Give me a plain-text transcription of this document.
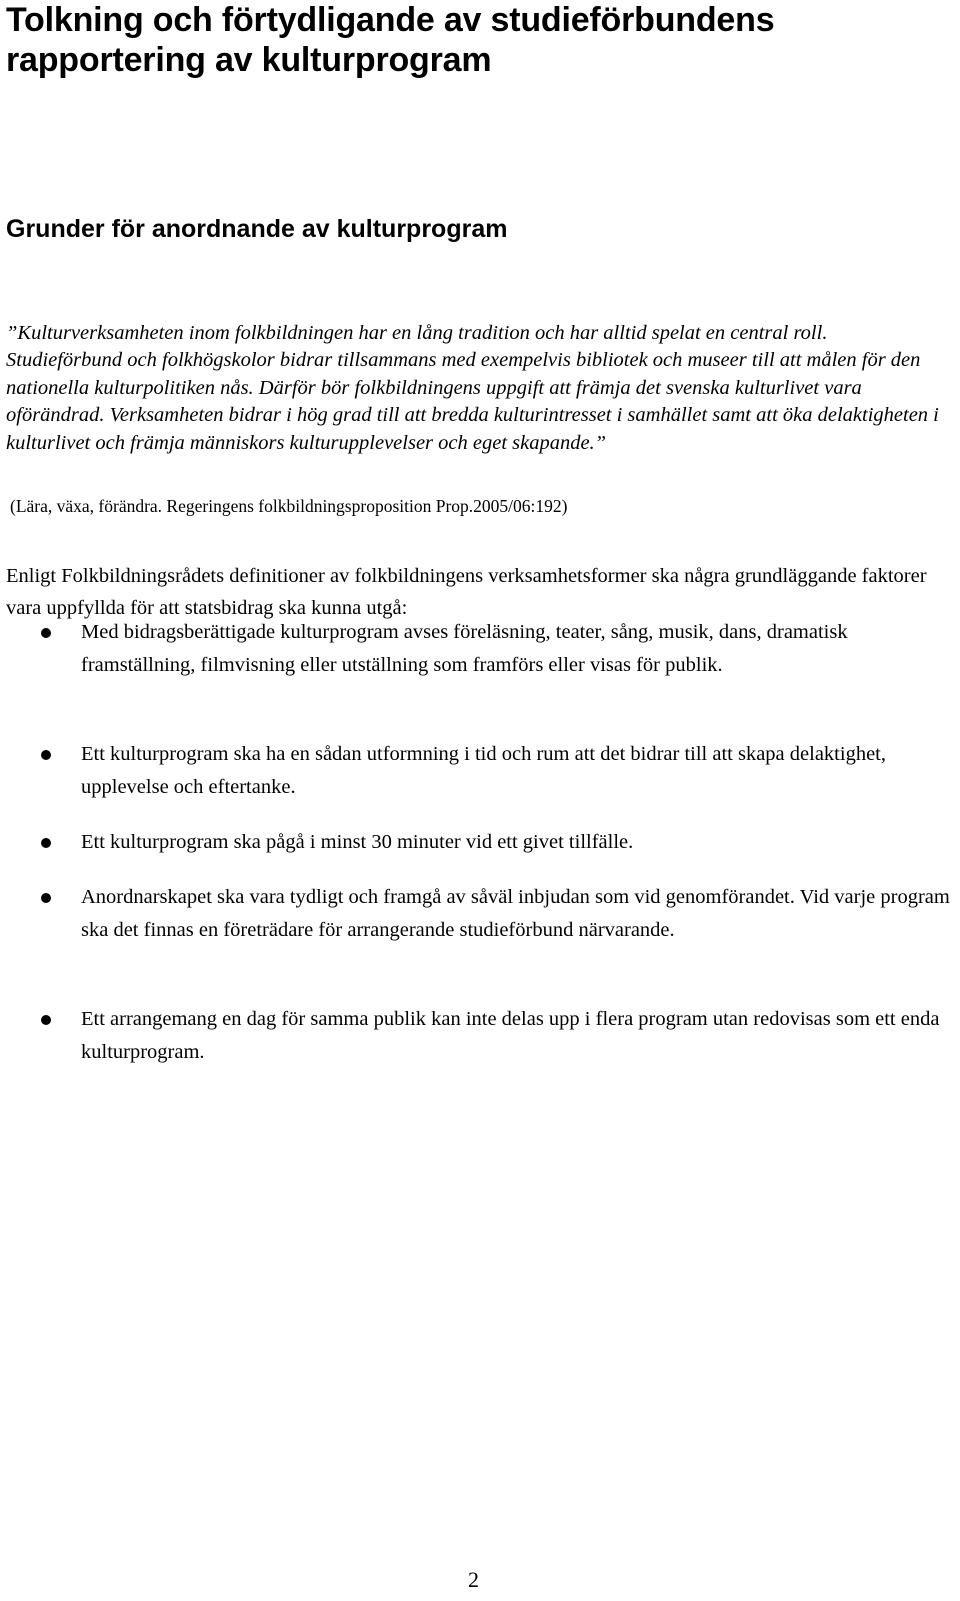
Tolkning och förtydligande av studieförbundens rapportering av kulturprogram
Grunder för anordnande av kulturprogram

”Kulturverksamheten inom folkbildningen har en lång tradition och har alltid spelat en central roll. Studieförbund och folkhögskolor bidrar tillsammans med exempelvis bibliotek och museer till att målen för den nationella kulturpolitiken nås. Därför bör folkbildningens uppgift att främja det svenska kulturlivet vara oförändrad. Verksamheten bidrar i hög grad till att bredda kulturintresset i samhället samt att öka delaktigheten i kulturlivet och främja människors kulturupplevelser och eget skapande.”

(Lära, växa, förändra. Regeringens folkbildningsproposition Prop.2005/06:192)

Enligt Folkbildningsrådets definitioner av folkbildningens verksamhetsformer ska några grundläggande faktorer vara uppfyllda för att statsbidrag ska kunna utgå:

Med bidragsberättigade kulturprogram avses föreläsning, teater, sång, musik, dans, dramatisk framställning, filmvisning eller utställning som framförs eller visas för publik.

Ett kulturprogram ska ha en sådan utformning i tid och rum att det bidrar till att skapa delaktighet, upplevelse och eftertanke.

Ett kulturprogram ska pågå i minst 30 minuter vid ett givet tillfälle.

Anordnarskapet ska vara tydligt och framgå av såväl inbjudan som vid genomförandet. Vid varje program ska det finnas en företrädare för arrangerande studieförbund närvarande.

Ett arrangemang en dag för samma publik kan inte delas upp i flera program utan redovisas som ett enda kulturprogram.

2
